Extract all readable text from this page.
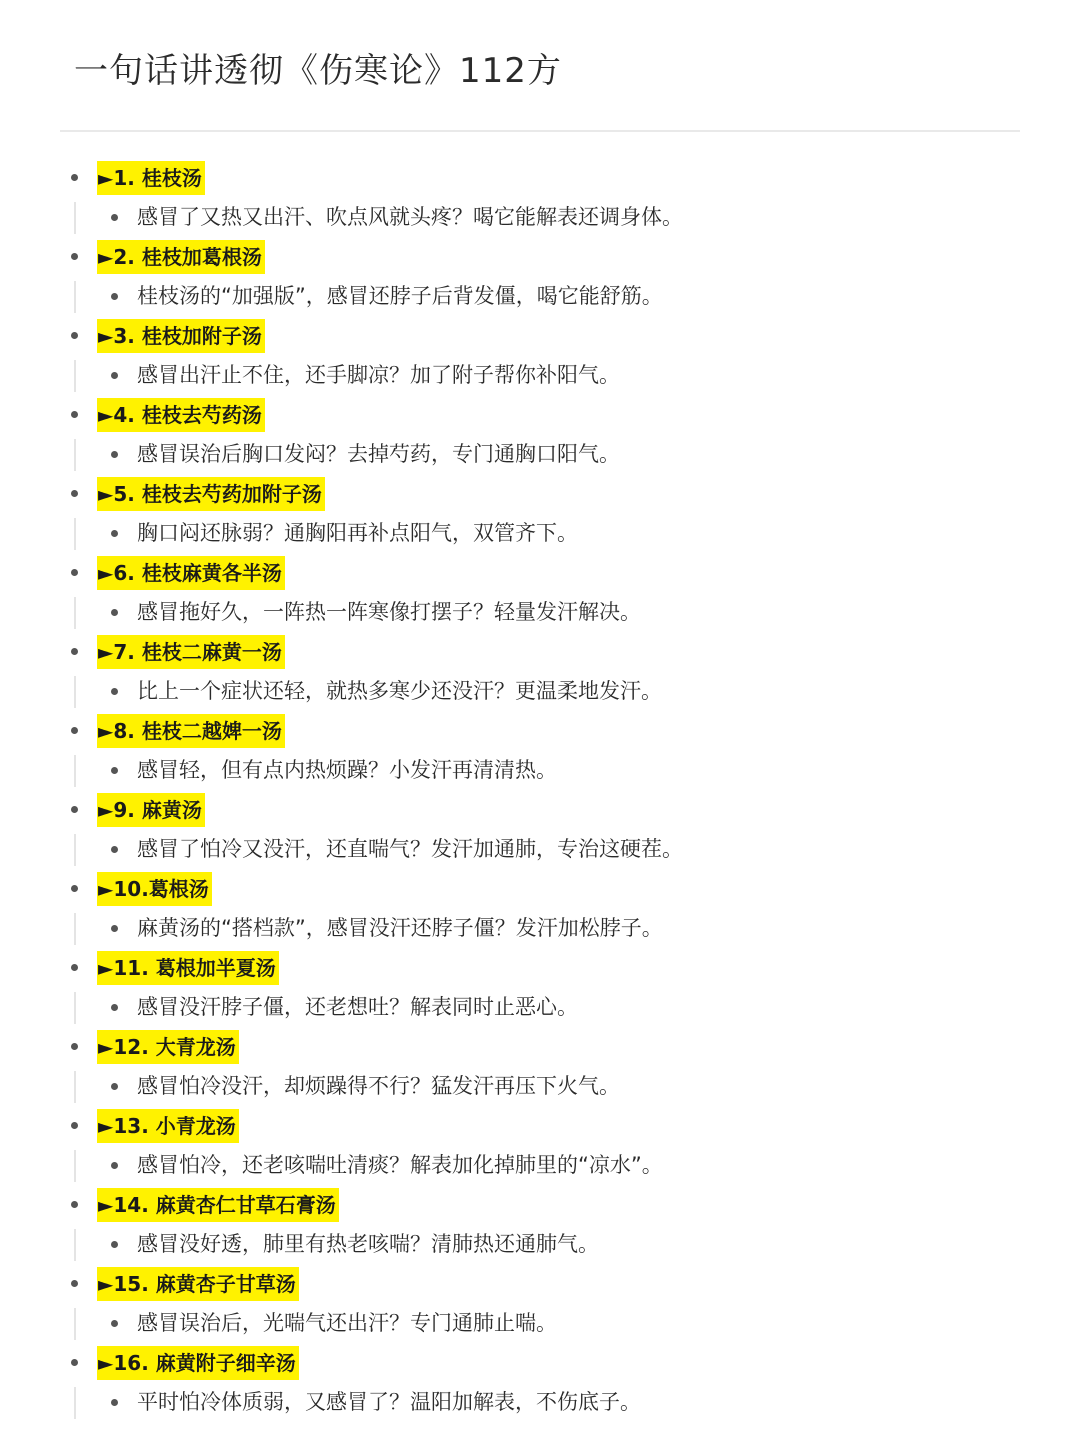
一句话讲透彻《伤寒论》112方
►1. 桂枝汤
感冒了又热又出汗、吹点风就头疼？喝它能解表还调身体。
►2. 桂枝加葛根汤
桂枝汤的“加强版”，感冒还脖子后背发僵，喝它能舒筋。
►3. 桂枝加附子汤
感冒出汗止不住，还手脚凉？加了附子帮你补阳气。
►4. 桂枝去芍药汤
感冒误治后胸口发闷？去掉芍药，专门通胸口阳气。
►5. 桂枝去芍药加附子汤
胸口闷还脉弱？通胸阳再补点阳气，双管齐下。
►6. 桂枝麻黄各半汤
感冒拖好久，一阵热一阵寒像打摆子？轻量发汗解决。
►7. 桂枝二麻黄一汤
比上一个症状还轻，就热多寒少还没汗？更温柔地发汗。
►8. 桂枝二越婢一汤
感冒轻，但有点内热烦躁？小发汗再清清热。
►9. 麻黄汤
感冒了怕冷又没汗，还直喘气？发汗加通肺，专治这硬茬。
►10.葛根汤
麻黄汤的“搭档款”，感冒没汗还脖子僵？发汗加松脖子。
►11. 葛根加半夏汤
感冒没汗脖子僵，还老想吐？解表同时止恶心。
►12. 大青龙汤
感冒怕冷没汗，却烦躁得不行？猛发汗再压下火气。
►13. 小青龙汤
感冒怕冷，还老咳喘吐清痰？解表加化掉肺里的“凉水”。
►14. 麻黄杏仁甘草石膏汤
感冒没好透，肺里有热老咳喘？清肺热还通肺气。
►15. 麻黄杏子甘草汤
感冒误治后，光喘气还出汗？专门通肺止喘。
►16. 麻黄附子细辛汤
平时怕冷体质弱，又感冒了？温阳加解表，不伤底子。
